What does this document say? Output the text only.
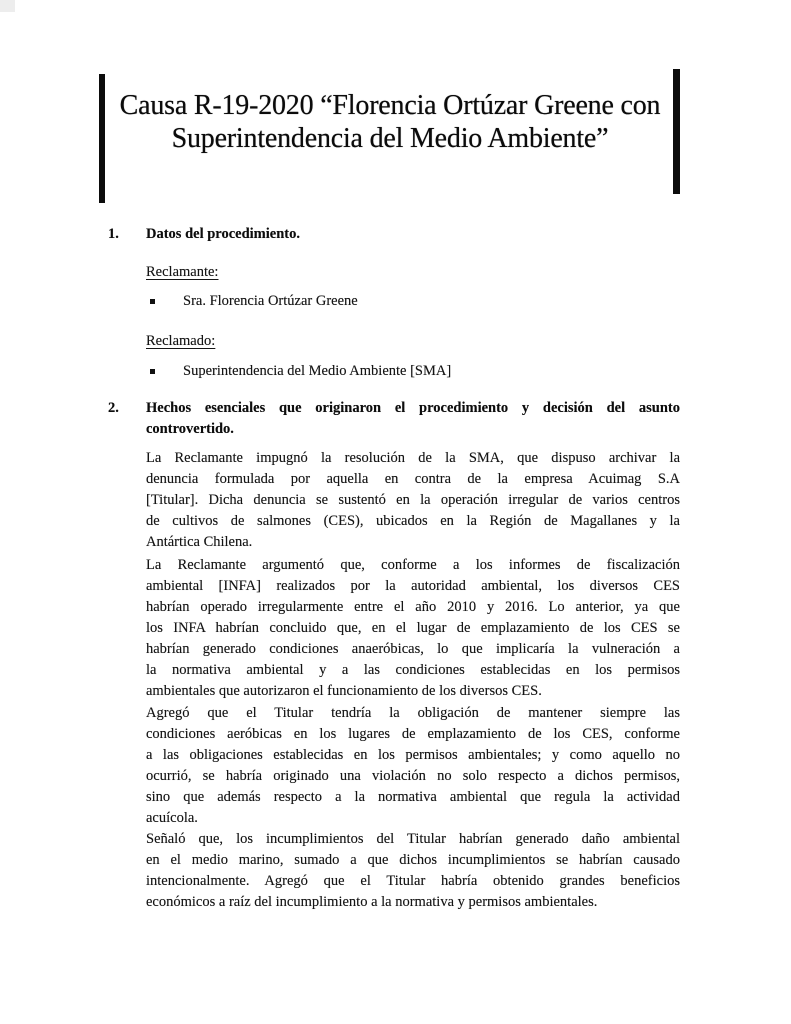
Causa R-19-2020 “Florencia Ortúzar Greene con
Superintendencia del Medio Ambiente”
1.	Datos del procedimiento.
Reclamante:
Sra. Florencia Ortúzar Greene
Reclamado:
Superintendencia del Medio Ambiente [SMA]
2.	Hechos esenciales que originaron el procedimiento y decisión del asunto
controvertido.
La Reclamante impugnó la resolución de la SMA, que dispuso archivar la
denuncia formulada por aquella en contra de la empresa Acuimag S.A
[Titular]. Dicha denuncia se sustentó en la operación irregular de varios centros
de cultivos de salmones (CES), ubicados en la Región de Magallanes y la
Antártica Chilena.
La Reclamante argumentó que, conforme a los informes de fiscalización
ambiental [INFA] realizados por la autoridad ambiental, los diversos CES
habrían operado irregularmente entre el año 2010 y 2016. Lo anterior, ya que
los INFA habrían concluido que, en el lugar de emplazamiento de los CES se
habrían generado condiciones anaeróbicas, lo que implicaría la vulneración a
la normativa ambiental y a las condiciones establecidas en los permisos
ambientales que autorizaron el funcionamiento de los diversos CES.
Agregó que el Titular tendría la obligación de mantener siempre las
condiciones aeróbicas en los lugares de emplazamiento de los CES, conforme
a las obligaciones establecidas en los permisos ambientales; y como aquello no
ocurrió, se habría originado una violación no solo respecto a dichos permisos,
sino que además respecto a la normativa ambiental que regula la actividad
acuícola.
Señaló que, los incumplimientos del Titular habrían generado daño ambiental
en el medio marino, sumado a que dichos incumplimientos se habrían causado
intencionalmente. Agregó que el Titular habría obtenido grandes beneficios
económicos a raíz del incumplimiento a la normativa y permisos ambientales.
